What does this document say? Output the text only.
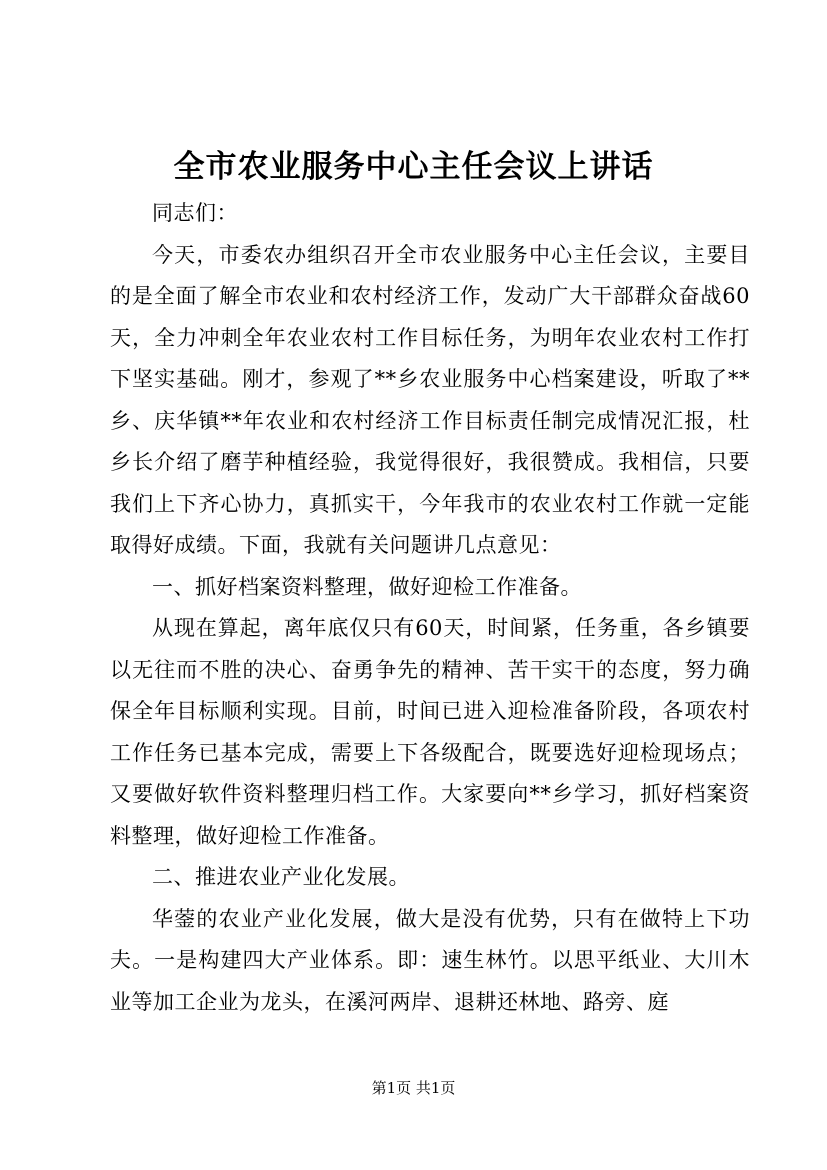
全市农业服务中心主任会议上讲话

同志们：

今天，市委农办组织召开全市农业服务中心主任会议，主要目的是全面了解全市农业和农村经济工作，发动广大干部群众奋战60天，全力冲刺全年农业农村工作目标任务，为明年农业农村工作打下坚实基础。刚才，参观了**乡农业服务中心档案建设，听取了**乡、庆华镇**年农业和农村经济工作目标责任制完成情况汇报，杜乡长介绍了磨芋种植经验，我觉得很好，我很赞成。我相信，只要我们上下齐心协力，真抓实干，今年我市的农业农村工作就一定能取得好成绩。下面，我就有关问题讲几点意见：

一、抓好档案资料整理，做好迎检工作准备。

从现在算起，离年底仅只有60天，时间紧，任务重，各乡镇要以无往而不胜的决心、奋勇争先的精神、苦干实干的态度，努力确保全年目标顺利实现。目前，时间已进入迎检准备阶段，各项农村工作任务已基本完成，需要上下各级配合，既要选好迎检现场点；又要做好软件资料整理归档工作。大家要向**乡学习，抓好档案资料整理，做好迎检工作准备。

二、推进农业产业化发展。

华蓥的农业产业化发展，做大是没有优势，只有在做特上下功夫。一是构建四大产业体系。即：速生林竹。以思平纸业、大川木业等加工企业为龙头，在溪河两岸、退耕还林地、路旁、庭

第1页 共1页
